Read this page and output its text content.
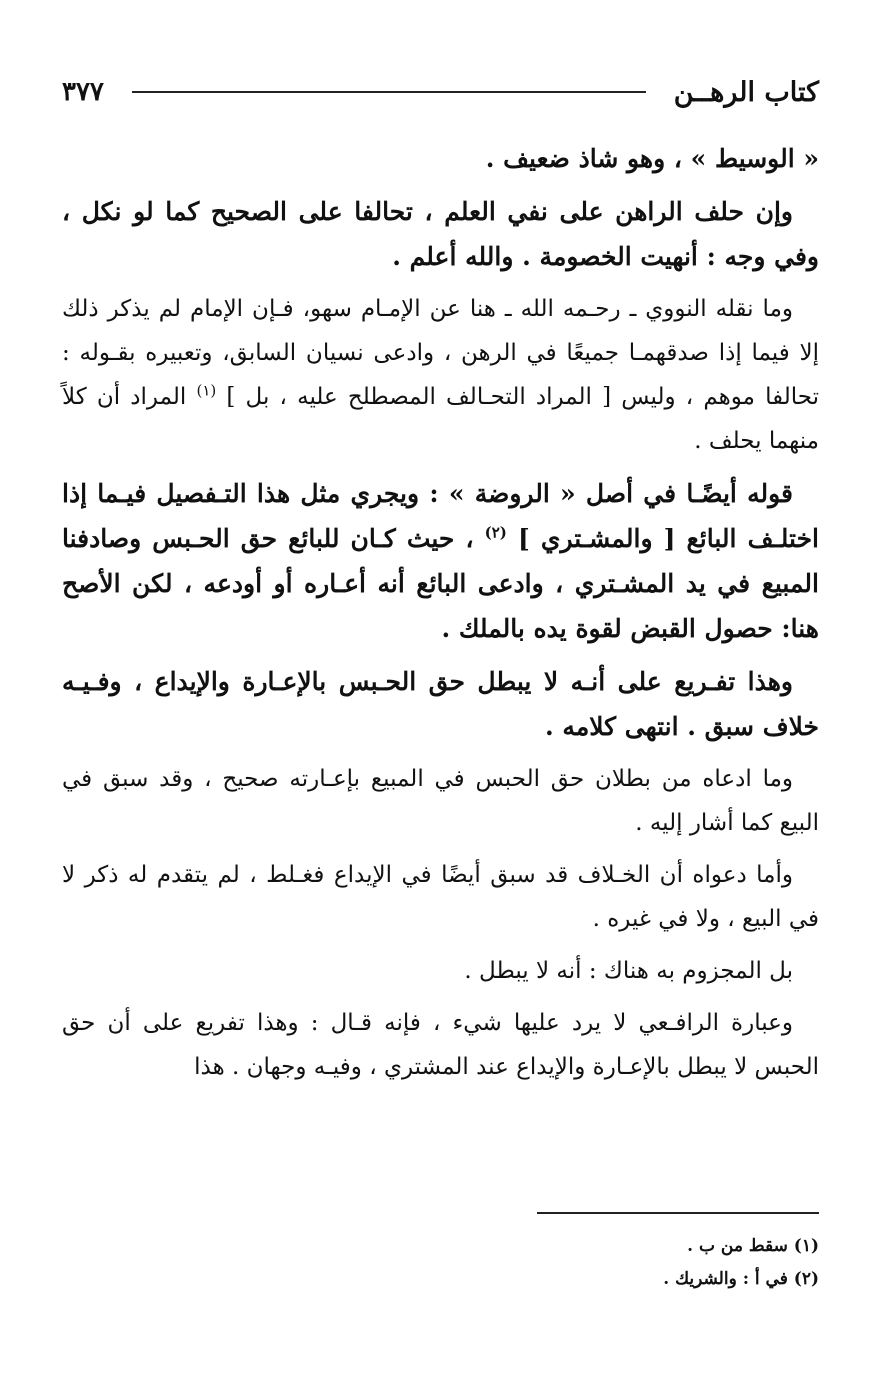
كتاب الرهــن
٣٧٧

« الوسيط » ، وهو شاذ ضعيف .

وإن حلف الراهن على نفي العلم ، تحالفا على الصحيح كما لو نكل ، وفي وجه : أنهيت الخصومة . والله أعلم .

وما نقله النووي ـ رحـمه الله ـ هنا عن الإمـام سهو، فـإن الإمام لم يذكر ذلك إلا فيما إذا صدقهمـا جميعًا في الرهن ، وادعى نسيان السابق، وتعبيره بقـوله : تحالفا موهم ، وليس [ المراد التحـالف المصطلح عليه ، بل ] $^{(١)}$ المراد أن كلاً منهما يحلف .

قوله أيضًـا في أصل « الروضة » : ويجري مثل هذا التـفصيل فيـما إذا اختلـف البائع [ والمشـتري ] $^{(٢)}$ ، حيث كـان للبائع حق الحـبس وصادفنا المبيع في يد المشـتري ، وادعى البائع أنه أعـاره أو أودعه ، لكن الأصح هنا: حصول القبض لقوة يده بالملك .

وهذا تفـريع على أنـه لا يبطل حق الحـبس بالإعـارة والإيداع ، وفـيـه خلاف سبق . انتهى كلامه .

وما ادعاه من بطلان حق الحبس في المبيع بإعـارته صحيح ، وقد سبق في البيع كما أشار إليه .

وأما دعواه أن الخـلاف قد سبق أيضًا في الإيداع فغـلط ، لم يتقدم له ذكر لا في البيع ، ولا في غيره .

بل المجزوم به هناك : أنه لا يبطل .

وعبارة الرافـعي لا يرد عليها شيء ، فإنه قـال : وهذا تفريع على أن حق الحبس لا يبطل بالإعـارة والإيداع عند المشتري ، وفيـه وجهان . هذا

(١) سقط من ب .
(٢) في أ : والشريك .
